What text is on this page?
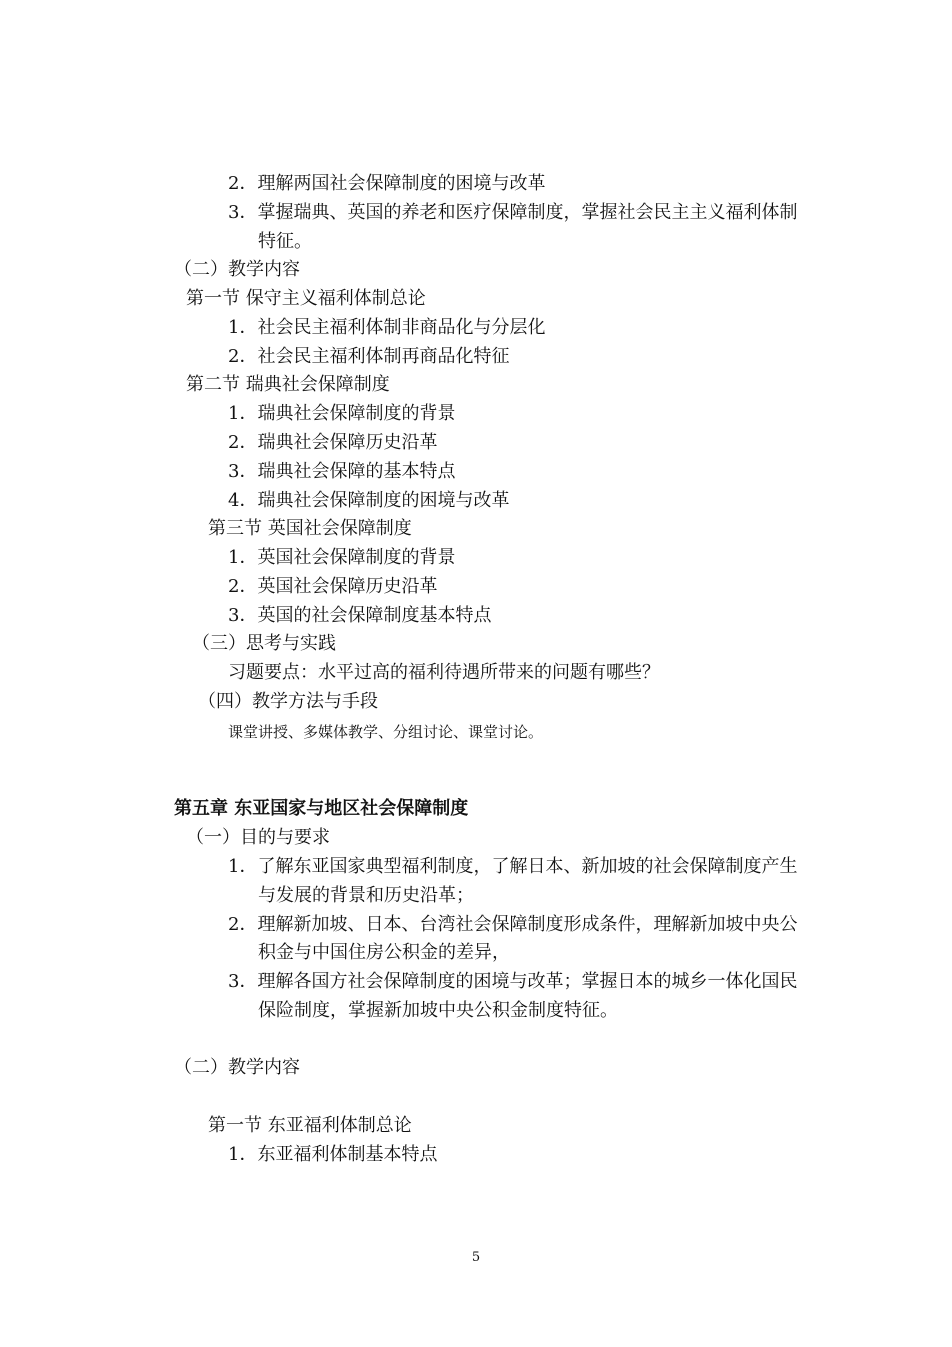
2．理解两国社会保障制度的困境与改革
3．掌握瑞典、英国的养老和医疗保障制度，掌握社会民主主义福利体制
特征。
（二）教学内容
第一节 保守主义福利体制总论
1．社会民主福利体制非商品化与分层化
2．社会民主福利体制再商品化特征
第二节 瑞典社会保障制度
1．瑞典社会保障制度的背景
2．瑞典社会保障历史沿革
3．瑞典社会保障的基本特点
4．瑞典社会保障制度的困境与改革
第三节 英国社会保障制度
1．英国社会保障制度的背景
2．英国社会保障历史沿革
3．英国的社会保障制度基本特点
（三）思考与实践
习题要点：水平过高的福利待遇所带来的问题有哪些？
（四）教学方法与手段
课堂讲授、多媒体教学、分组讨论、课堂讨论。
第五章 东亚国家与地区社会保障制度
（一）目的与要求
1．了解东亚国家典型福利制度，了解日本、新加坡的社会保障制度产生
与发展的背景和历史沿革；
2．理解新加坡、日本、台湾社会保障制度形成条件，理解新加坡中央公
积金与中国住房公积金的差异，
3．理解各国方社会保障制度的困境与改革；掌握日本的城乡一体化国民
保险制度，掌握新加坡中央公积金制度特征。
（二）教学内容
第一节 东亚福利体制总论
1．东亚福利体制基本特点
5
